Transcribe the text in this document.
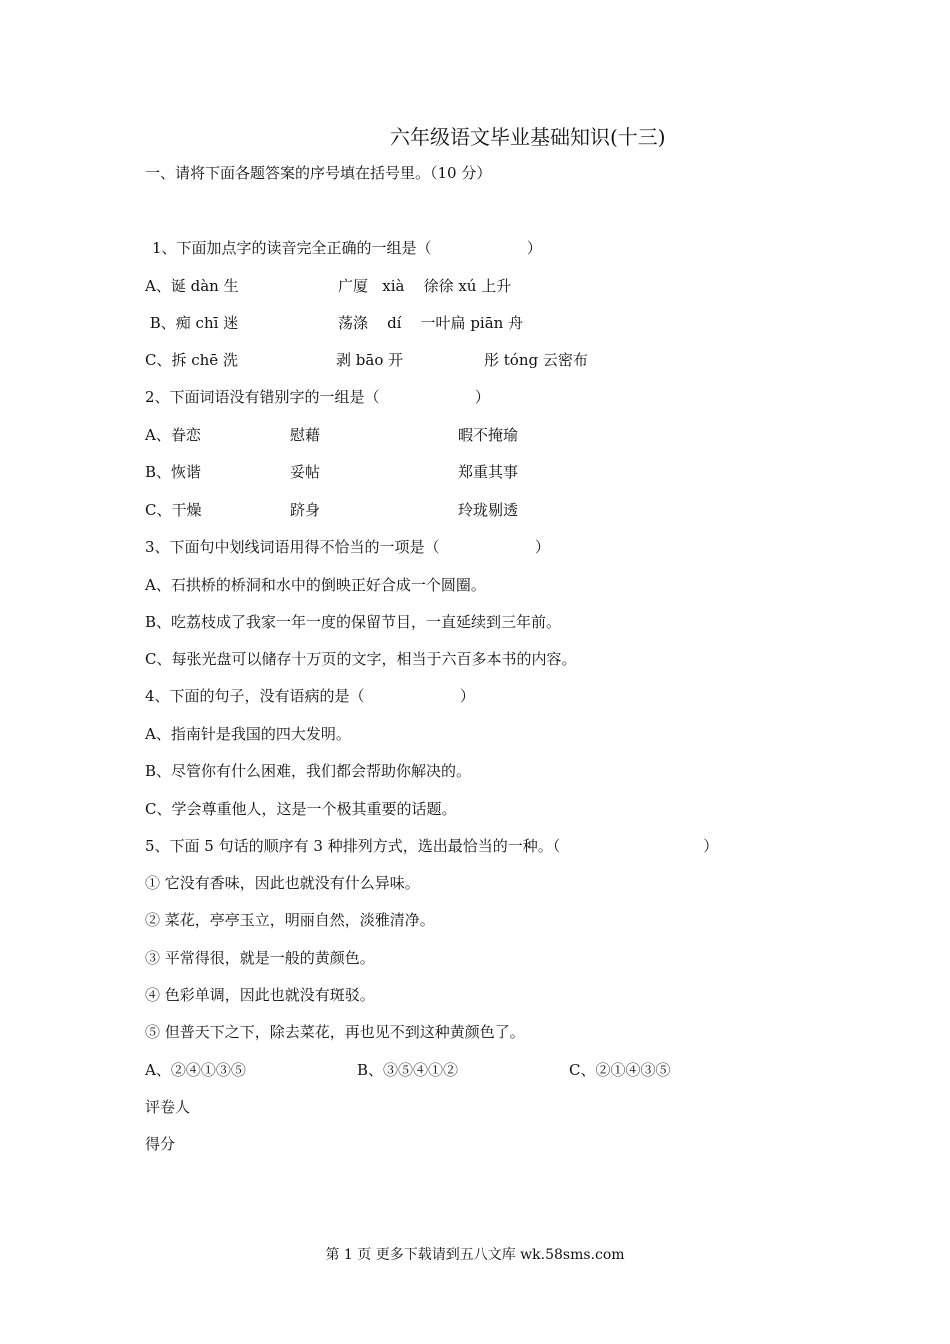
六年级语文毕业基础知识(十三)
一、请将下面各题答案的序号填在括号里。（10 分）
1、下面加点字的读音完全正确的一组是（                    ）
A、诞 dàn 生	广厦   xià    徐徐 xú 上升
B、痴 chī 迷	荡涤    dí    一叶扁 piān 舟
C、拆 chē 洗	剥 bāo 开	彤 tóng 云密布
2、下面词语没有错别字的一组是（                    ）
A、眷恋	慰藉	暇不掩瑜
B、恢谐	妥帖	郑重其事
C、干燥	跻身	玲珑剔透
3、下面句中划线词语用得不恰当的一项是（                    ）
A、石拱桥的桥洞和水中的倒映正好合成一个圆圈。
B、吃荔枝成了我家一年一度的保留节目，一直延续到三年前。
C、每张光盘可以储存十万页的文字，相当于六百多本书的内容。
4、下面的句子，没有语病的是（                    ）
A、指南针是我国的四大发明。
B、尽管你有什么困难，我们都会帮助你解决的。
C、学会尊重他人，这是一个极其重要的话题。
5、下面 5 句话的顺序有 3 种排列方式，选出最恰当的一种。（                              ）
① 它没有香味，因此也就没有什么异味。
② 菜花，亭亭玉立，明丽自然，淡雅清净。
③ 平常得很，就是一般的黄颜色。
④ 色彩单调，因此也就没有斑驳。
⑤ 但普天下之下，除去菜花，再也见不到这种黄颜色了。
A、②④①③⑤	B、③⑤④①②	C、②①④③⑤
评卷人
得分
第 1 页 更多下载请到五八文库 wk.58sms.com
